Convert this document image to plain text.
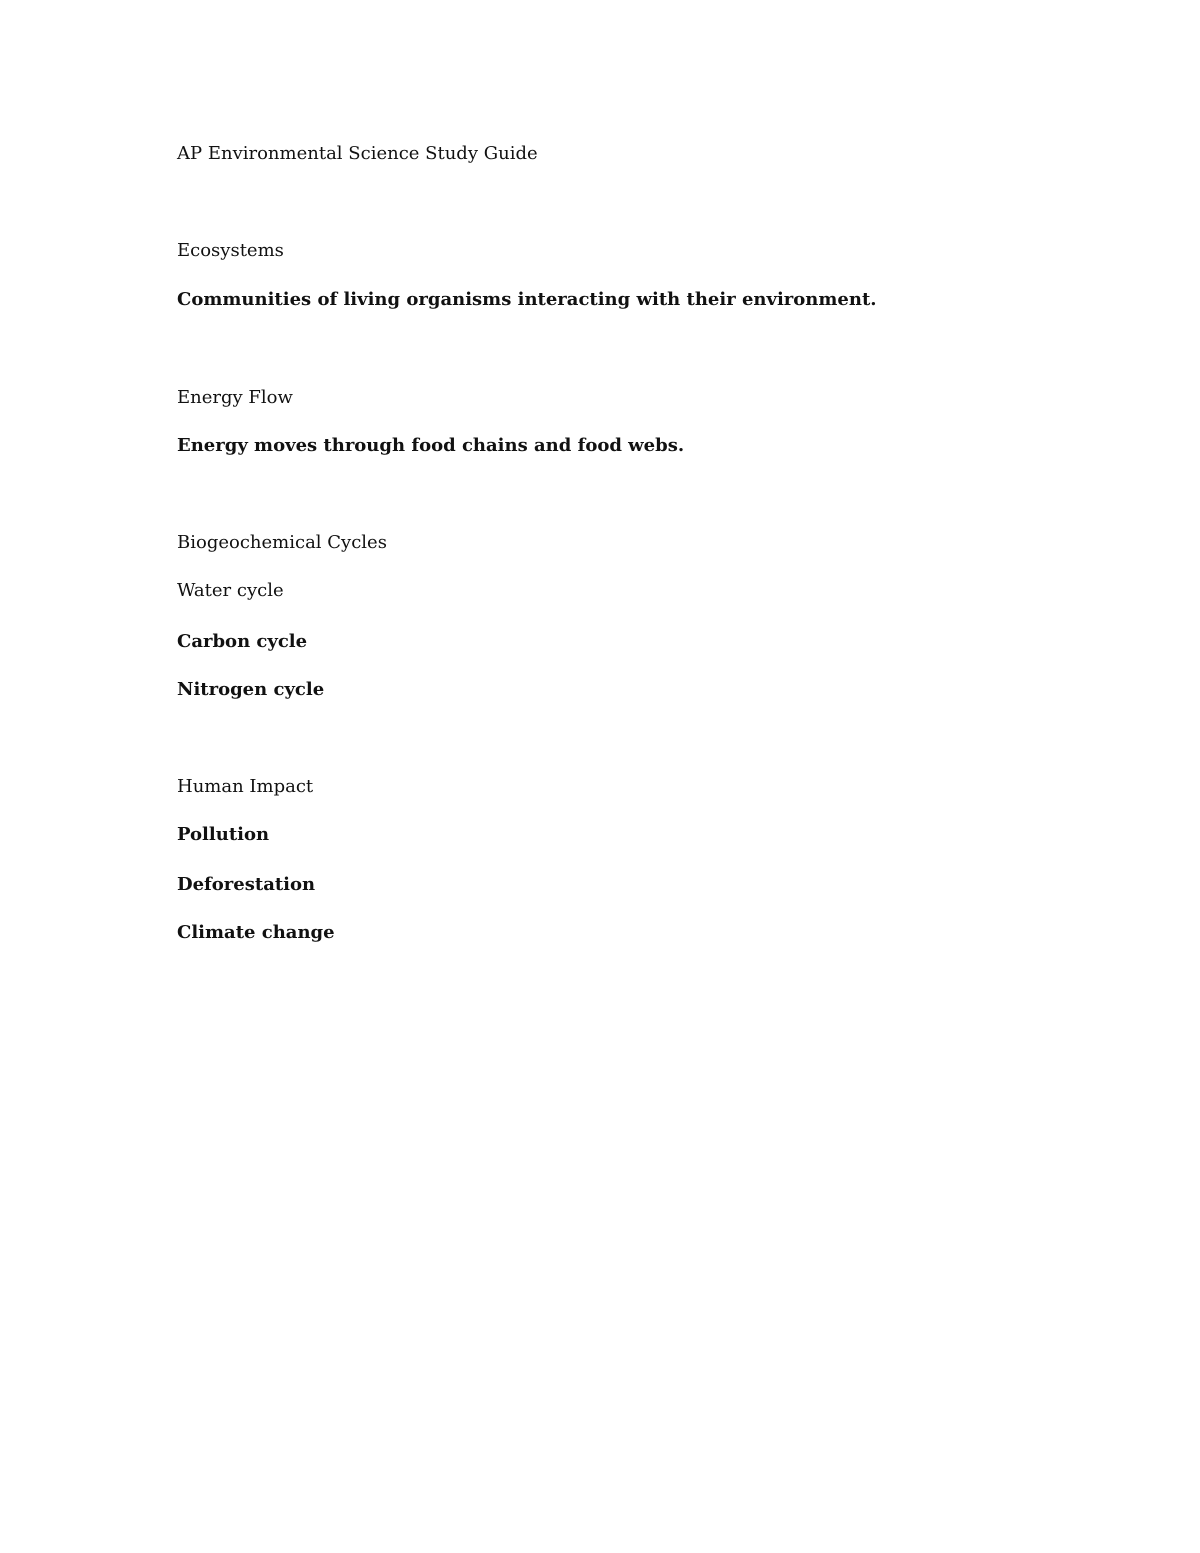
AP Environmental Science Study Guide

Ecosystems

Communities of living organisms interacting with their environment.

Energy Flow

Energy moves through food chains and food webs.

Biogeochemical Cycles

Water cycle

Carbon cycle

Nitrogen cycle

Human Impact

Pollution

Deforestation

Climate change
